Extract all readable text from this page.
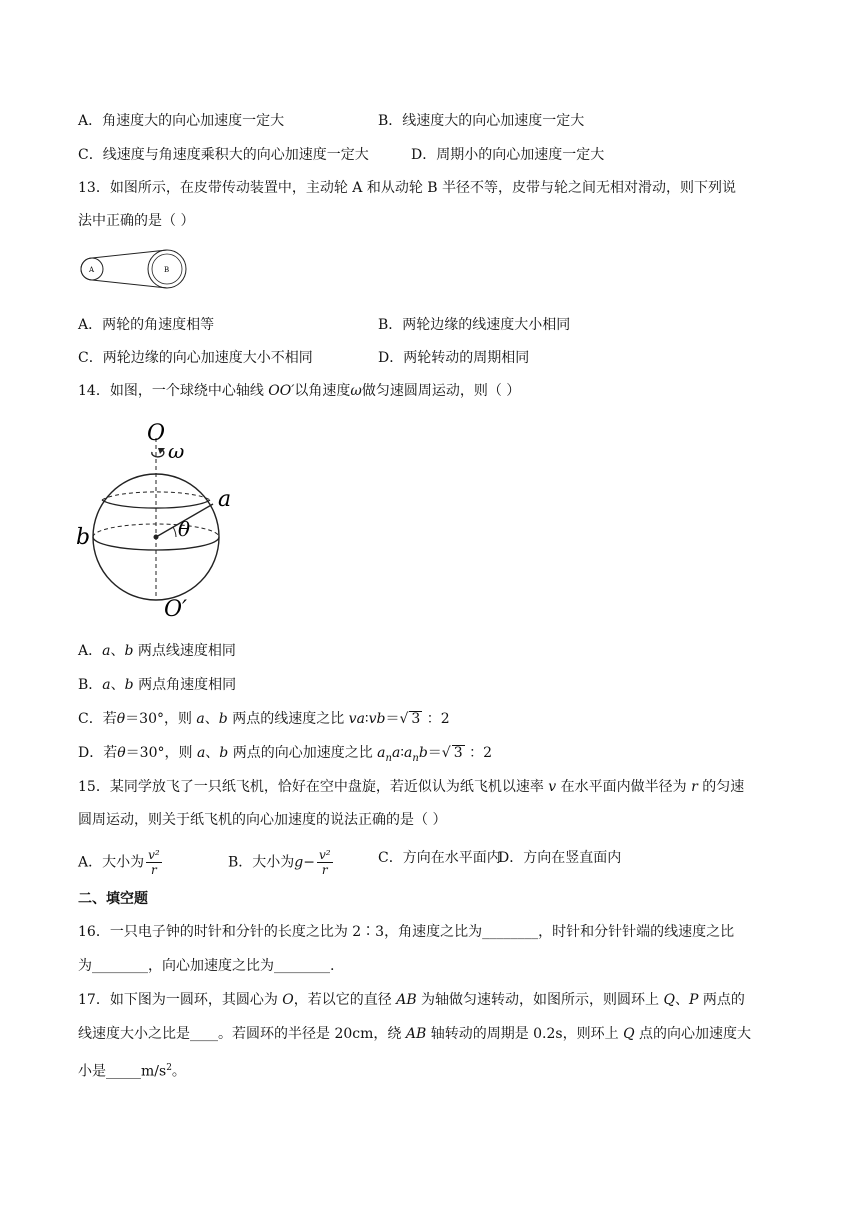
A．角速度大的向心加速度一定大	B．线速度大的向心加速度一定大
C．线速度与角速度乘积大的向心加速度一定大	D．周期小的向心加速度一定大
13．如图所示，在皮带传动装置中，主动轮 A 和从动轮 B 半径不等，皮带与轮之间无相对滑动，则下列说
法中正确的是（ ）
A	B
A．两轮的角速度相等	B．两轮边缘的线速度大小相同
C．两轮边缘的向心加速度大小不相同	D．两轮转动的周期相同
14．如图，一个球绕中心轴线 OO′以角速度ω做匀速圆周运动，则（ ）
O
ω
a
b	θ
O′
A．a、b 两点线速度相同
B．a、b 两点角速度相同
C．若θ＝30°，则 a、b 两点的线速度之比 va∶vb＝√ 3 ：2
D．若θ＝30°，则 a、b 两点的向心加速度之比 $a_na∶a_nb=√$ 3 ：2
15．某同学放飞了一只纸飞机，恰好在空中盘旋，若近似认为纸飞机以速率 v 在水平面内做半径为 r 的匀速
圆周运动，则关于纸飞机的向心加速度的说法正确的是（ ）
A．大小为 $\frac{\text{v²}}{r}$	B．大小为$g- \frac{\text{v²}}{r}$	C．方向在水平面内
D．方向在竖直面内
二、填空题
16．一只电子钟的时针和分针的长度之比为 2∶3，角速度之比为________，时针和分针针端的线速度之比
为________，向心加速度之比为________.
17．如下图为一圆环，其圆心为 O，若以它的直径 AB 为轴做匀速转动，如图所示，则圆环上 Q、P 两点的
线速度大小之比是____。若圆环的半径是 20cm，绕 AB 轴转动的周期是 0.2s，则环上 Q 点的向心加速度大
小是$\_\_\_\_\_m/s^2$。
